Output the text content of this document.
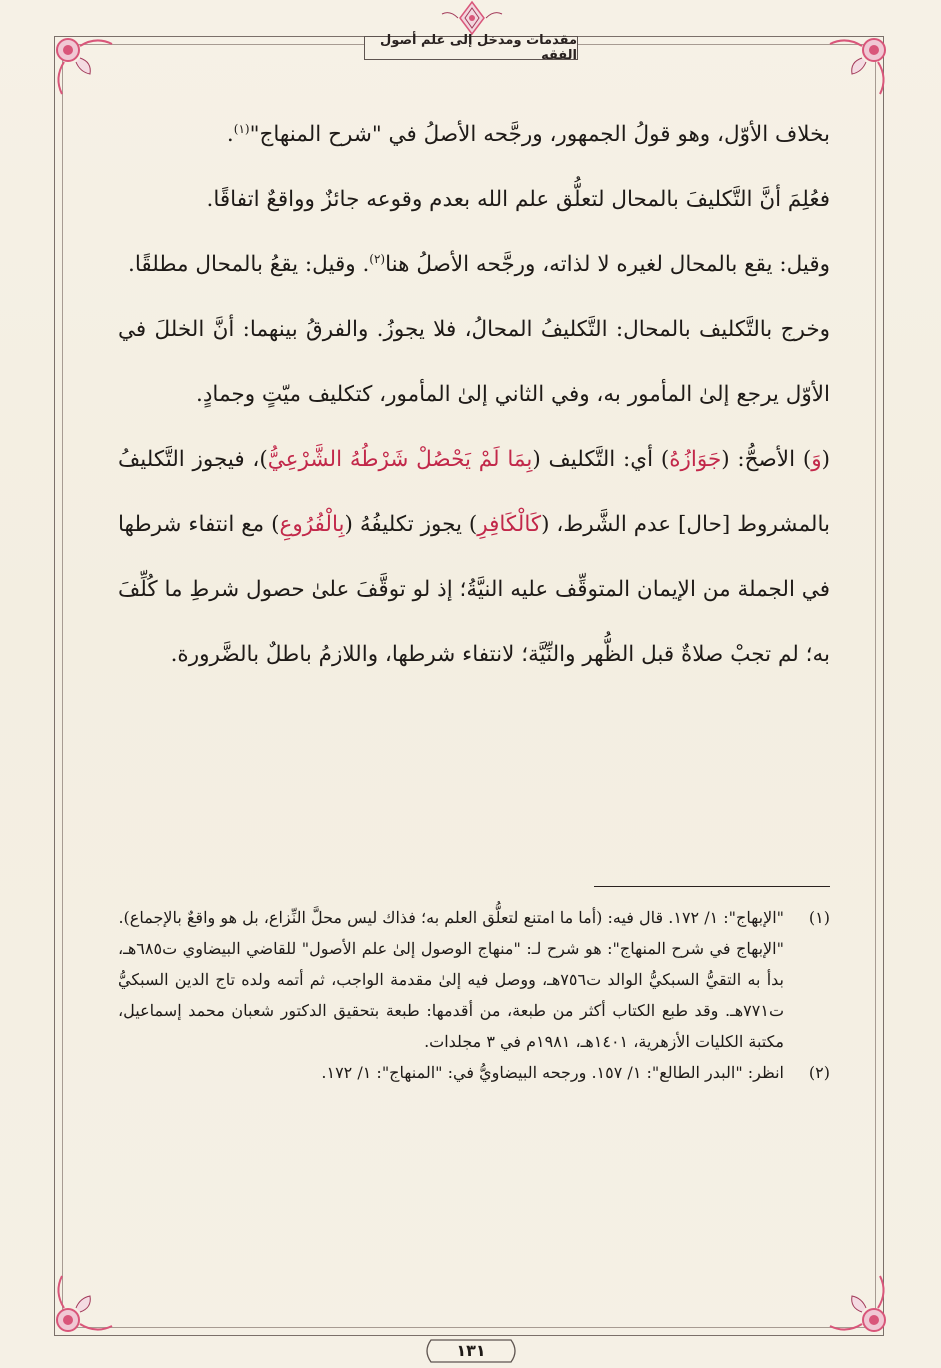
مقدمات ومدخل إلى علم أصول الفقه

بخلاف الأوّل، وهو قولُ الجمهور، ورجَّحه الأصلُ في "شرح المنهاج"$^{(١)}$.

فعُلِمَ أنَّ التَّكليفَ بالمحال لتعلُّق علم الله بعدم وقوعه جائزٌ وواقعٌ اتفاقًا.

وقيل: يقع بالمحال لغيره لا لذاته، ورجَّحه الأصلُ هنا$^{(٢)}$. وقيل: يقعُ بالمحال مطلقًا.

وخرج بالتَّكليف بالمحال: التَّكليفُ المحالُ، فلا يجوزُ. والفرقُ بينهما: أنَّ الخللَ في الأوّل يرجع إلىٰ المأمور به، وفي الثاني إلىٰ المأمور، كتكليف ميّتٍ وجمادٍ.

(وَ) الأصحُّ: (جَوَازُهُ) أي: التَّكليف (بِمَا لَمْ يَحْصُلْ شَرْطُهُ الشَّرْعِيُّ)، فيجوز التَّكليفُ بالمشروط [حال] عدم الشَّرط، (كَالْكَافِرِ) يجوز تكليفُهُ (بِالْفُرُوعِ) مع انتفاء شرطها في الجملة من الإيمان المتوقِّف عليه النيَّةُ؛ إذ لو توقَّفَ علىٰ حصول شرطِ ما كُلِّفَ به؛ لم تجبْ صلاةٌ قبل الظُّهر والنِّيَّة؛ لانتفاء شرطها، واللازمُ باطلٌ بالضَّرورة.

(١)

"الإبهاج": ١/ ١٧٢. قال فيه: (أما ما امتنع لتعلُّق العلم به؛ فذاك ليس محلَّ النِّزاع، بل هو واقعٌ بالإجماع).

"الإبهاج في شرح المنهاج": هو شرح لـ: "منهاج الوصول إلىٰ علم الأصول" للقاضي البيضاوي ت٦٨٥هـ، بدأ به التقيُّ السبكيُّ الوالد ت٧٥٦هـ، ووصل فيه إلىٰ مقدمة الواجب، ثم أتمه ولده تاج الدين السبكيُّ ت٧٧١هـ. وقد طبع الكتاب أكثر من طبعة، من أقدمها: طبعة بتحقيق الدكتور شعبان محمد إسماعيل، مكتبة الكليات الأزهرية، ١٤٠١هـ، ١٩٨١م في ٣ مجلدات.

(٢)

انظر: "البدر الطالع": ١/ ١٥٧. ورجحه البيضاويُّ في: "المنهاج": ١/ ١٧٢.

١٣١
